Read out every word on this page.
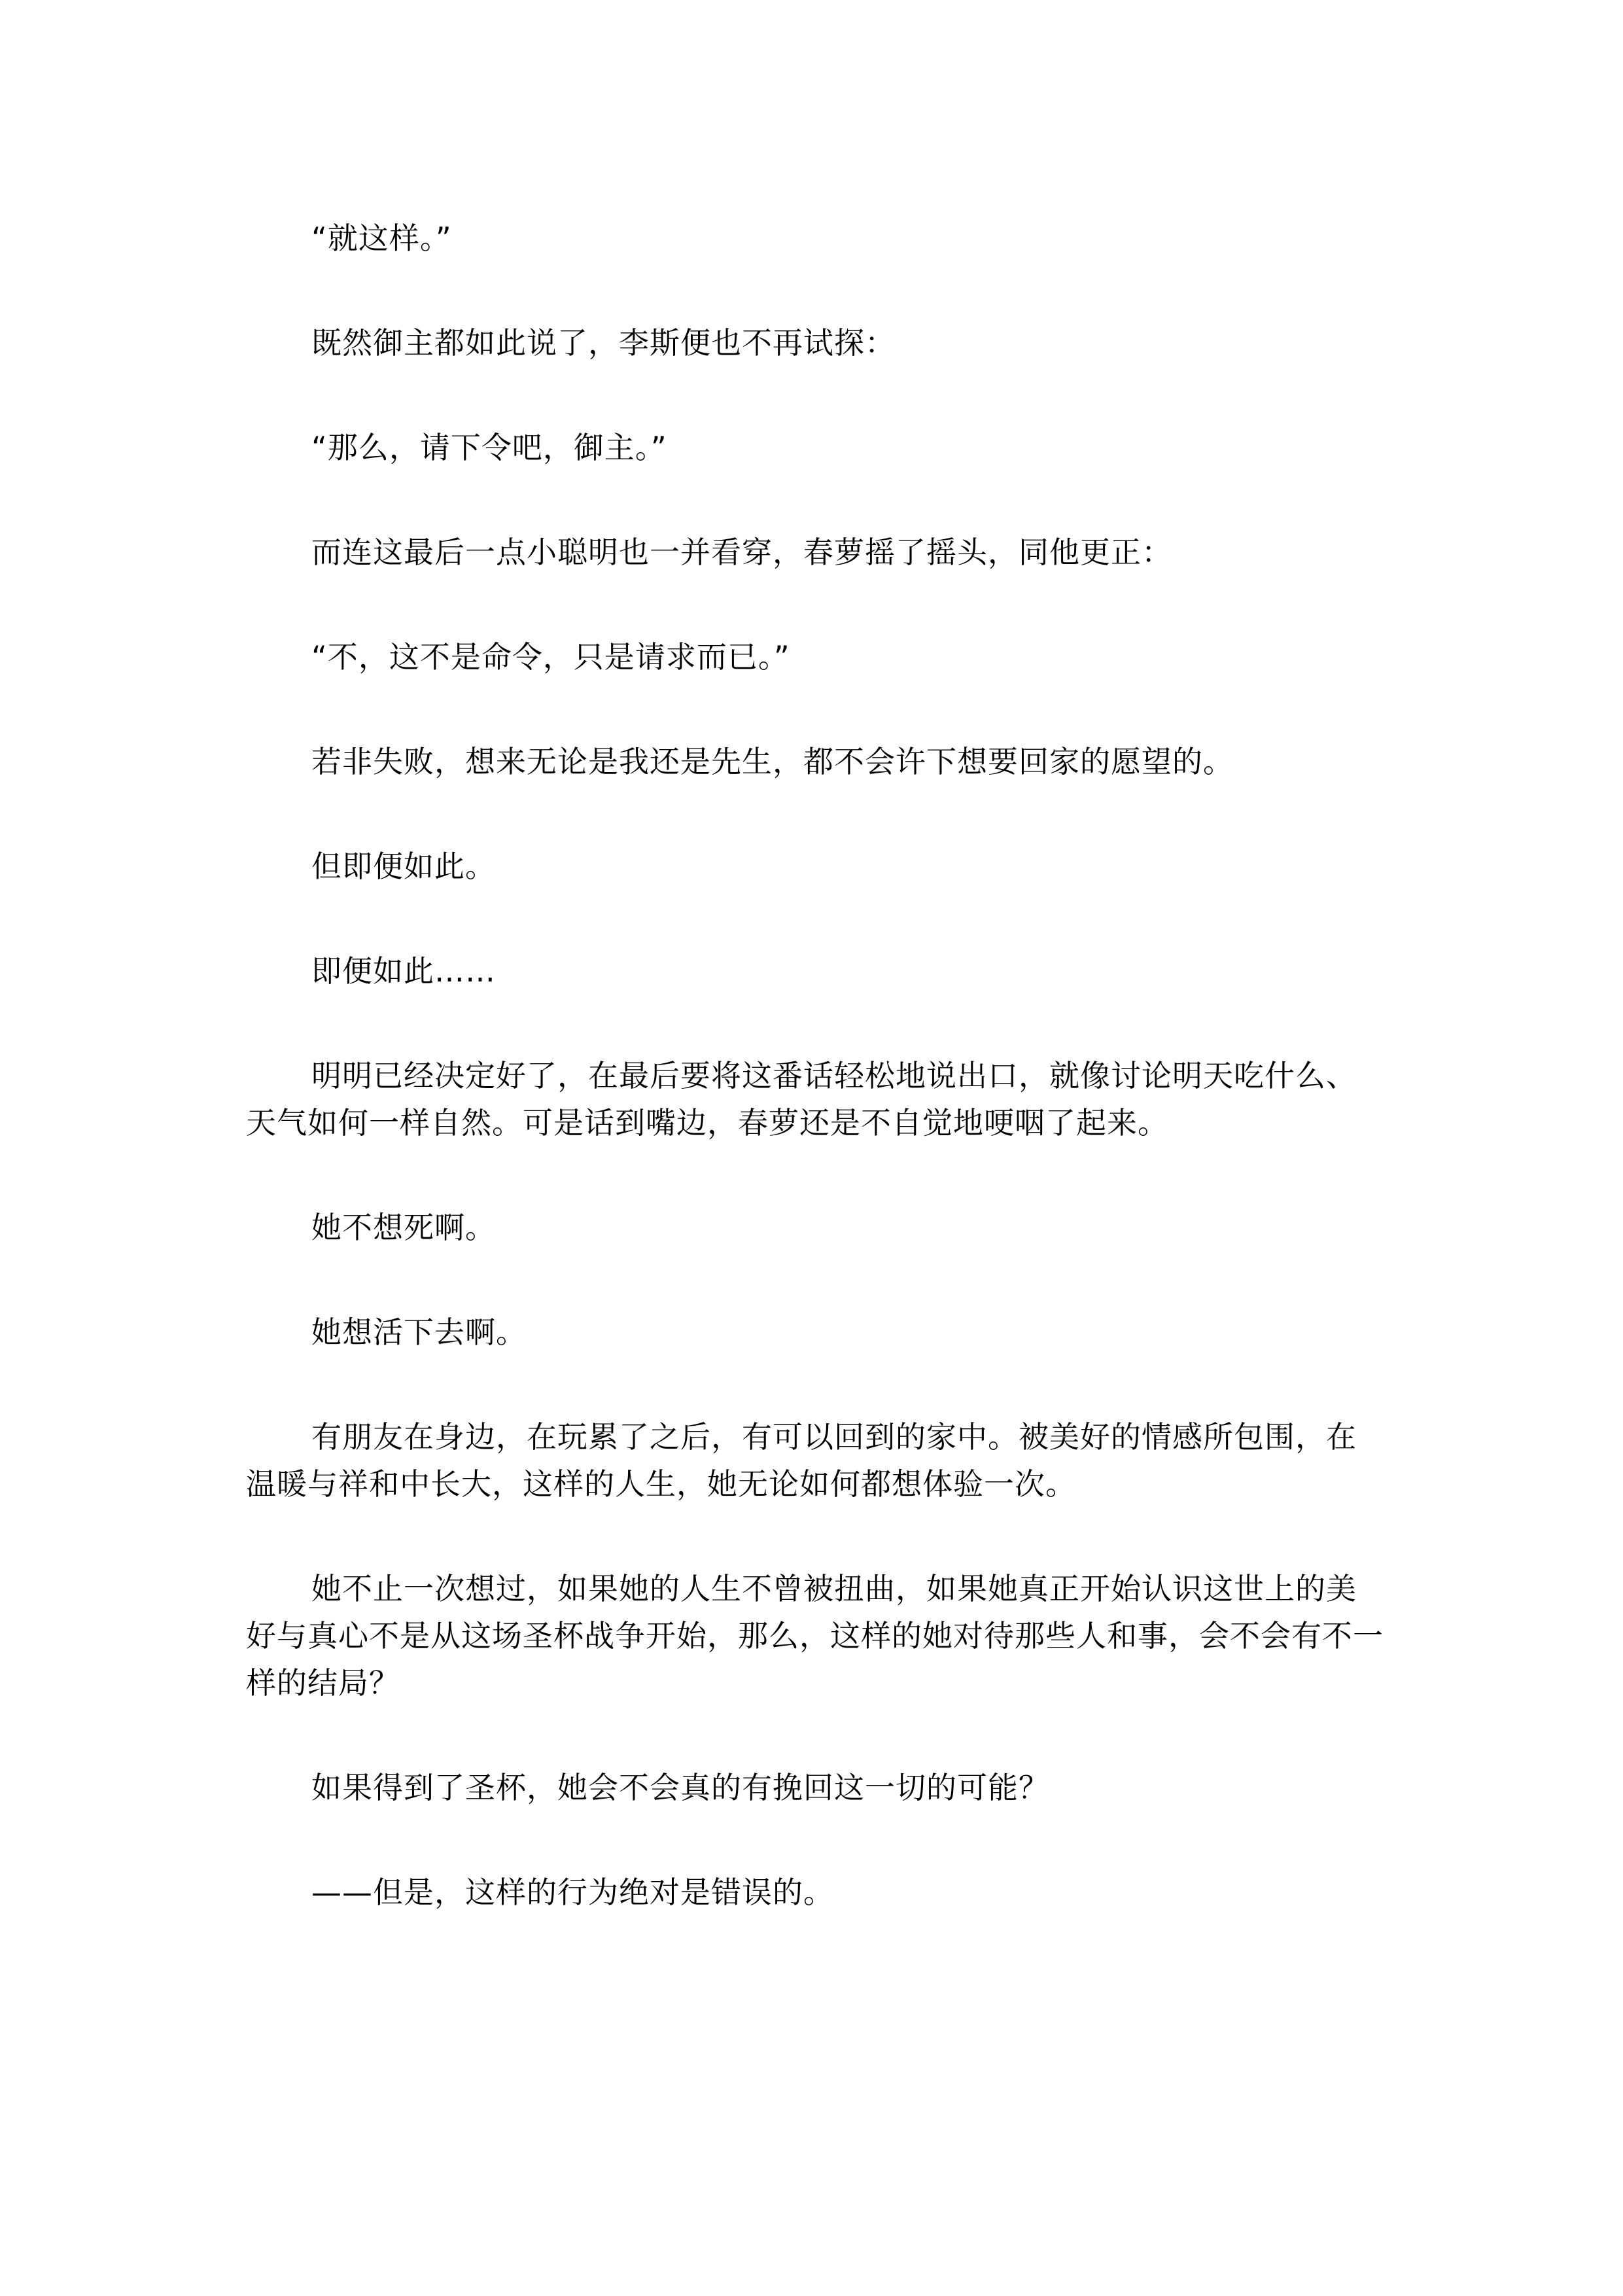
“就这样。”

既然御主都如此说了，李斯便也不再试探：

“那么，请下令吧，御主。”

而连这最后一点小聪明也一并看穿，春萝摇了摇头，同他更正：

“不，这不是命令，只是请求而已。”

若非失败，想来无论是我还是先生，都不会许下想要回家的愿望的。

但即便如此。

即便如此……

明明已经决定好了，在最后要将这番话轻松地说出口，就像讨论明天吃什么、天气如何一样自然。可是话到嘴边，春萝还是不自觉地哽咽了起来。

她不想死啊。

她想活下去啊。

有朋友在身边，在玩累了之后，有可以回到的家中。被美好的情感所包围，在温暖与祥和中长大，这样的人生，她无论如何都想体验一次。

她不止一次想过，如果她的人生不曾被扭曲，如果她真正开始认识这世上的美好与真心不是从这场圣杯战争开始，那么，这样的她对待那些人和事，会不会有不一样的结局？

如果得到了圣杯，她会不会真的有挽回这一切的可能？

——但是，这样的行为绝对是错误的。
